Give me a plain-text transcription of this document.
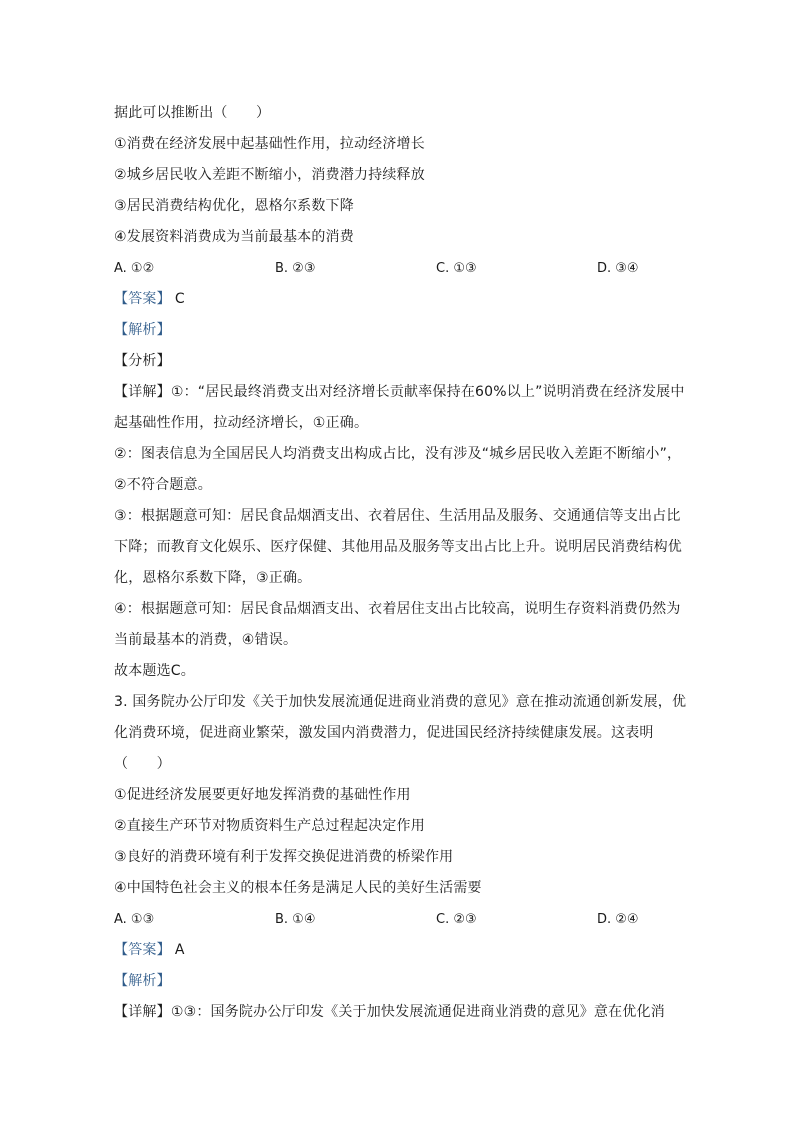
据此可以推断出（　　）
①消费在经济发展中起基础性作用，拉动经济增长
②城乡居民收入差距不断缩小，消费潜力持续释放
③居民消费结构优化，恩格尔系数下降
④发展资料消费成为当前最基本的消费
A. ①②	B. ②③	C. ①③	D. ③④
【答案】 C
【解析】
【分析】
【详解】①：“居民最终消费支出对经济增长贡献率保持在60%以上”说明消费在经济发展中
起基础性作用，拉动经济增长，①正确。
②：图表信息为全国居民人均消费支出构成占比，没有涉及“城乡居民收入差距不断缩小”，
②不符合题意。
③：根据题意可知：居民食品烟酒支出、衣着居住、生活用品及服务、交通通信等支出占比
下降；而教育文化娱乐、医疗保健、其他用品及服务等支出占比上升。说明居民消费结构优
化，恩格尔系数下降，③正确。
④：根据题意可知：居民食品烟酒支出、衣着居住支出占比较高，说明生存资料消费仍然为
当前最基本的消费，④错误。
故本题选C。
3. 国务院办公厅印发《关于加快发展流通促进商业消费的意见》意在推动流通创新发展，优
化消费环境，促进商业繁荣，激发国内消费潜力，促进国民经济持续健康发展。这表明
（　　）
①促进经济发展要更好地发挥消费的基础性作用
②直接生产环节对物质资料生产总过程起决定作用
③良好的消费环境有利于发挥交换促进消费的桥梁作用
④中国特色社会主义的根本任务是满足人民的美好生活需要
A. ①③	B. ①④	C. ②③	D. ②④
【答案】 A
【解析】
【详解】①③：国务院办公厅印发《关于加快发展流通促进商业消费的意见》意在优化消
